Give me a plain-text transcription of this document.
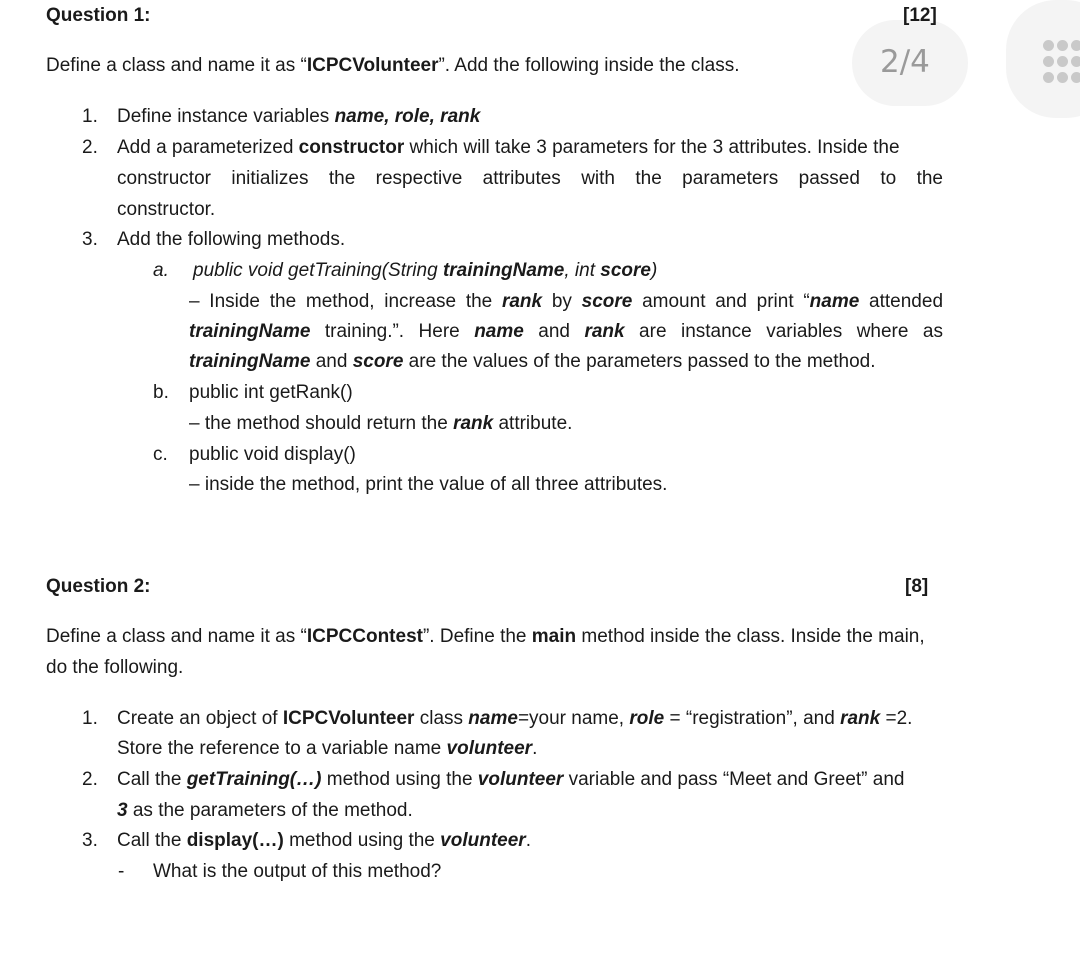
2/4
Question 1:	[12]
Define a class and name it as “ICPCVolunteer”. Add the following inside the class.
1. Define instance variables name, role, rank
2. Add a parameterized constructor which will take 3 parameters for the 3 attributes. Inside the
constructor initializes the respective attributes with the parameters passed to the
constructor.
3. Add the following methods.
a. public void getTraining(String trainingName, int score)
– Inside the method, increase the rank by score amount and print “name attended
trainingName training.”. Here name and rank are instance variables where as
trainingName and score are the values of the parameters passed to the method.
b. public int getRank()
– the method should return the rank attribute.
c. public void display()
– inside the method, print the value of all three attributes.
Question 2:	[8]
Define a class and name it as “ICPCContest”. Define the main method inside the class. Inside the main,
do the following.
1. Create an object of ICPCVolunteer class name=your name, role = “registration”, and rank =2.
Store the reference to a variable name volunteer.
2. Call the getTraining(…) method using the volunteer variable and pass “Meet and Greet” and
3 as the parameters of the method.
3. Call the display(…) method using the volunteer.
- What is the output of this method?
